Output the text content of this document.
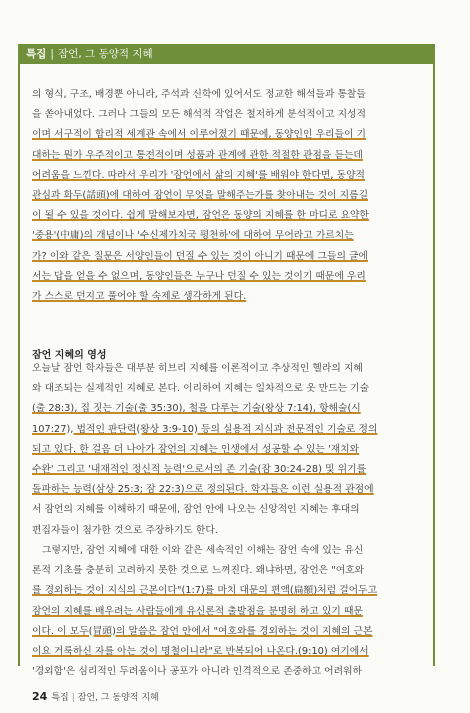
특집 | 잠언, 그 동양적 지혜
의 형식, 구조, 배경뿐 아니라, 주석과 신학에 있어서도 정교한 해석들과 통찰들
을 쏟아내었다. 그러나 그들의 모든 해석적 작업은 철저하게 분석적이고 지성적
이며 서구적이 합리적 세계관 속에서 이루어졌기 때문에, 동양인인 우리들이 기
대하는 뭔가 우주적이고 통전적이며 성품과 관계에 관한 적절한 관점을 듣는데
어려움을 느낀다. 따라서 우리가 '잠언에서 삶의 지혜'를 배워야 한다면, 동양적
관심과 화두(話頭)에 대하여 잠언이 무엇을 말해주는가를 찾아내는 것이 지름길
이 될 수 있을 것이다. 쉽게 말해보자면, 잠언은 동양의 지혜를 한 마디로 요약한
'중용'(中庸)의 개념이나 '수신제가치국 평천하'에 대하여 무어라고 가르치는
가? 이와 같은 질문은 서양인들이 던질 수 있는 것이 아니기 때문에 그들의 글에
서는 답을 얻을 수 없으며, 동양인들은 누구나 던질 수 있는 것이기 때문에 우리
가 스스로 던지고 풀어야 할 숙제로 생각하게 된다.
잠언 지혜의 영성
오늘날 잠언 학자들은 대부분 히브리 지혜를 이론적이고 추상적인 헬라의 지혜
와 대조되는 실제적인 지혜로 본다. 이리하여 지혜는 일차적으로 옷 만드는 기술
(출 28:3), 집 짓는 기술(출 35:30), 철을 다루는 기술(왕상 7:14), 항해술(시
107:27), 법적인 판단력(왕상 3:9-10) 등의 실용적 지식과 전문적인 기술로 정의
되고 있다. 한 걸음 더 나아가 잠언의 지혜는 인생에서 성공할 수 있는 '재치와
수완' 그리고 '내재적인 정신적 능력'으로서의 존 기술(잠 30:24-28) 및 위기를
돌파하는 능력(삼상 25:3; 잠 22:3)으로 정의된다. 학자들은 이런 실용적 관점에
서 잠언의 지혜를 이해하기 때문에, 잠언 안에 나오는 신앙적인 지혜는 후대의
편집자들이 첨가한 것으로 주장하기도 한다.
그렇지만, 잠언 지혜에 대한 이와 같은 세속적인 이해는 잠언 속에 있는 유신
론적 기초를 충분히 고려하지 못한 것으로 느껴진다. 왜냐하면, 잠언은 "여호와
를 경외하는 것이 지식의 근본이다"(1:7)를 마치 대문의 편액(扁額)처럼 걸어두고
잠언의 지혜를 배우려는 사람들에게 유신론적 출발점을 분명히 하고 있기 때문
이다. 이 모두(冒頭)의 말씀은 잠언 안에서 "여호와를 경외하는 것이 지혜의 근본
이요 거룩하신 자를 아는 것이 명철이니라"로 반복되어 나온다.(9:10) 여기에서
'경외함'은 심리적인 두려움이나 공포가 아니라 인격적으로 존중하고 어려워하
24 특집 | 잠언, 그 동양적 지혜
